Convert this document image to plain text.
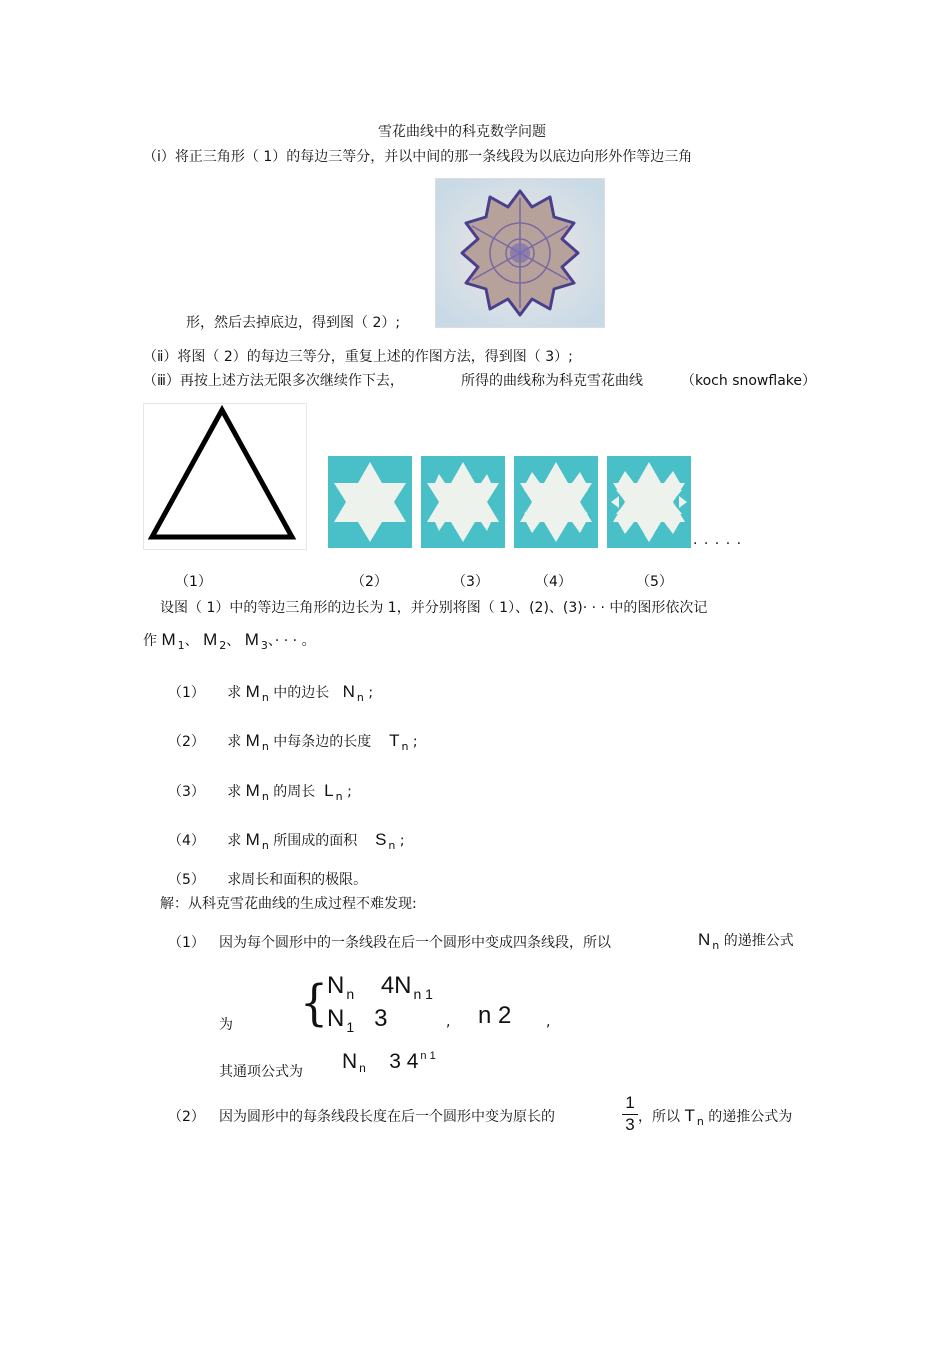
雪花曲线中的科克数学问题
（ⅰ）将正三角形（ 1）的每边三等分，并以中间的那一条线段为以底边向形外作等边三角
形，然后去掉底边，得到图（ 2）;
（ⅱ）将图（ 2）的每边三等分，重复上述的作图方法，得到图（ 3）;
（ⅲ）再按上述方法无限多次继续作下去，	所得的曲线称为科克雪花曲线	（koch snowflake）
· · · · ·
（1）	（2）	（3）	（4）	（5）
设图（ 1）中的等边三角形的边长为 1，并分别将图（ 1）、(2)、(3)· · · 中的图形依次记
作 M $_1$、 M $_2$、 M $_3$、· · · 。
（1） 求 M $_n$ 中的边长 N $_n$ ;
（2） 求 M $_n$ 中每条边的长度 T $_n$ ;
（3） 求 M $_n$ 的周长 L $_n$ ;
（4） 求 M $_n$ 所围成的面积 S $_n$ ;
（5） 求周长和面积的极限。
解：从科克雪花曲线的生成过程不难发现:
（1） 因为每个圆形中的一条线段在后一个圆形中变成四条线段，所以	N $_n$ 的递推公式
为 { N $_n$ 4N $_{n 1}$
N $_1$ 3	, n 2 ,
其通项公式为 N $_n$ 3 4 $^{n 1}$
（2） 因为圆形中的每条线段长度在后一个圆形中变为原长的	$\frac{1}{3}$ ，所以 T $_n$ 的递推公式为
